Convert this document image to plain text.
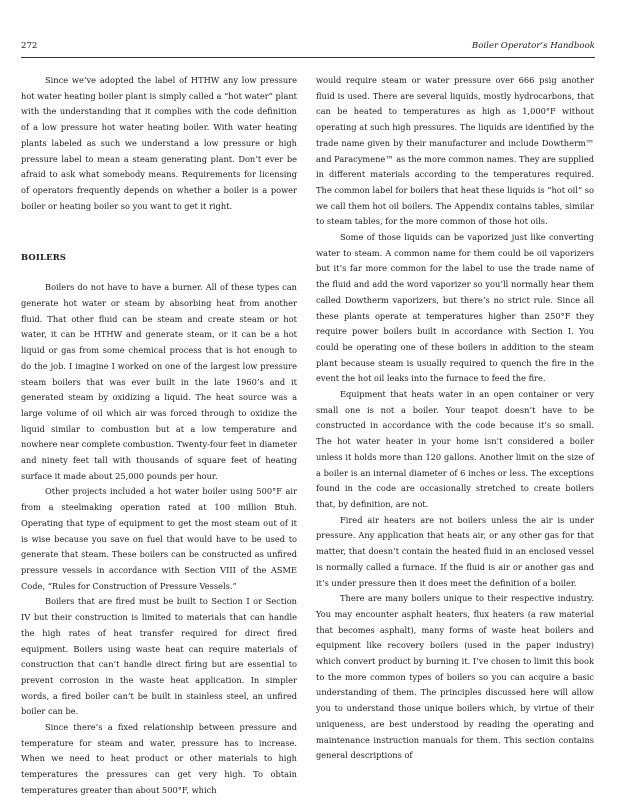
272	Boiler Operator’s Handbook

Since we’ve adopted the label of HTHW any low pressure hot water heating boiler plant is simply called a “hot water” plant with the understanding that it complies with the code definition of a low pressure hot water heating boiler. With water heating plants labeled as such we understand a low pressure or high pressure label to mean a steam generating plant. Don’t ever be afraid to ask what somebody means. Requirements for licensing of operators frequently depends on whether a boiler is a power boiler or heating boiler so you want to get it right.

BOILERS

Boilers do not have to have a burner. All of these types can generate hot water or steam by absorbing heat from another fluid. That other fluid can be steam and create steam or hot water, it can be HTHW and generate steam, or it can be a hot liquid or gas from some chemical process that is hot enough to do the job. I imagine I worked on one of the largest low pressure steam boilers that was ever built in the late 1960’s and it generated steam by oxidizing a liquid. The heat source was a large volume of oil which air was forced through to oxidize the liquid similar to combustion but at a low temperature and nowhere near complete combustion. Twenty-four feet in diameter and ninety feet tall with thousands of square feet of heating surface it made about 25,000 pounds per hour.

Other projects included a hot water boiler using 500°F air from a steelmaking operation rated at 100 million Btuh. Operating that type of equipment to get the most steam out of it is wise because you save on fuel that would have to be used to generate that steam. These boilers can be constructed as unfired pressure vessels in accordance with Section VIII of the ASME Code, “Rules for Construction of Pressure Vessels.”

Boilers that are fired must be built to Section I or Section IV but their construction is limited to materials that can handle the high rates of heat transfer required for direct fired equipment. Boilers using waste heat can require materials of construction that can’t handle direct firing but are essential to prevent corrosion in the waste heat application. In simpler words, a fired boiler can’t be built in stainless steel, an unfired boiler can be.

Since there’s a fixed relationship between pressure and temperature for steam and water, pressure has to increase. When we need to heat product or other materials to high temperatures the pressures can get very high. To obtain temperatures greater than about 500°F, which

would require steam or water pressure over 666 psig another fluid is used. There are several liquids, mostly hydrocarbons, that can be heated to temperatures as high as 1,000°F without operating at such high pressures. The liquids are identified by the trade name given by their manufacturer and include Dowtherm™ and Paracymene™ as the more common names. They are supplied in different materials according to the temperatures required. The common label for boilers that heat these liquids is “hot oil” so we call them hot oil boilers. The Appendix contains tables, similar to steam tables, for the more common of those hot oils.

Some of those liquids can be vaporized just like converting water to steam. A common name for them could be oil vaporizers but it’s far more common for the label to use the trade name of the fluid and add the word vaporizer so you’ll normally hear them called Dowtherm vaporizers, but there’s no strict rule. Since all these plants operate at temperatures higher than 250°F they require power boilers built in accordance with Section I. You could be operating one of these boilers in addition to the steam plant because steam is usually required to quench the fire in the event the hot oil leaks into the furnace to feed the fire.

Equipment that heats water in an open container or very small one is not a boiler. Your teapot doesn’t have to be constructed in accordance with the code because it’s so small. The hot water heater in your home isn’t considered a boiler unless it holds more than 120 gallons. Another limit on the size of a boiler is an internal diameter of 6 inches or less. The exceptions found in the code are occasionally stretched to create boilers that, by definition, are not.

Fired air heaters are not boilers unless the air is under pressure. Any application that heats air, or any other gas for that matter, that doesn’t contain the heated fluid in an enclosed vessel is normally called a furnace. If the fluid is air or another gas and it’s under pressure then it does meet the definition of a boiler.

There are many boilers unique to their respective industry. You may encounter asphalt heaters, flux heaters (a raw material that becomes asphalt), many forms of waste heat boilers and equipment like recovery boilers (used in the paper industry) which convert product by burning it. I’ve chosen to limit this book to the more common types of boilers so you can acquire a basic understanding of them. The principles discussed here will allow you to understand those unique boilers which, by virtue of their uniqueness, are best understood by reading the operating and maintenance instruction manuals for them. This section contains general descriptions of
